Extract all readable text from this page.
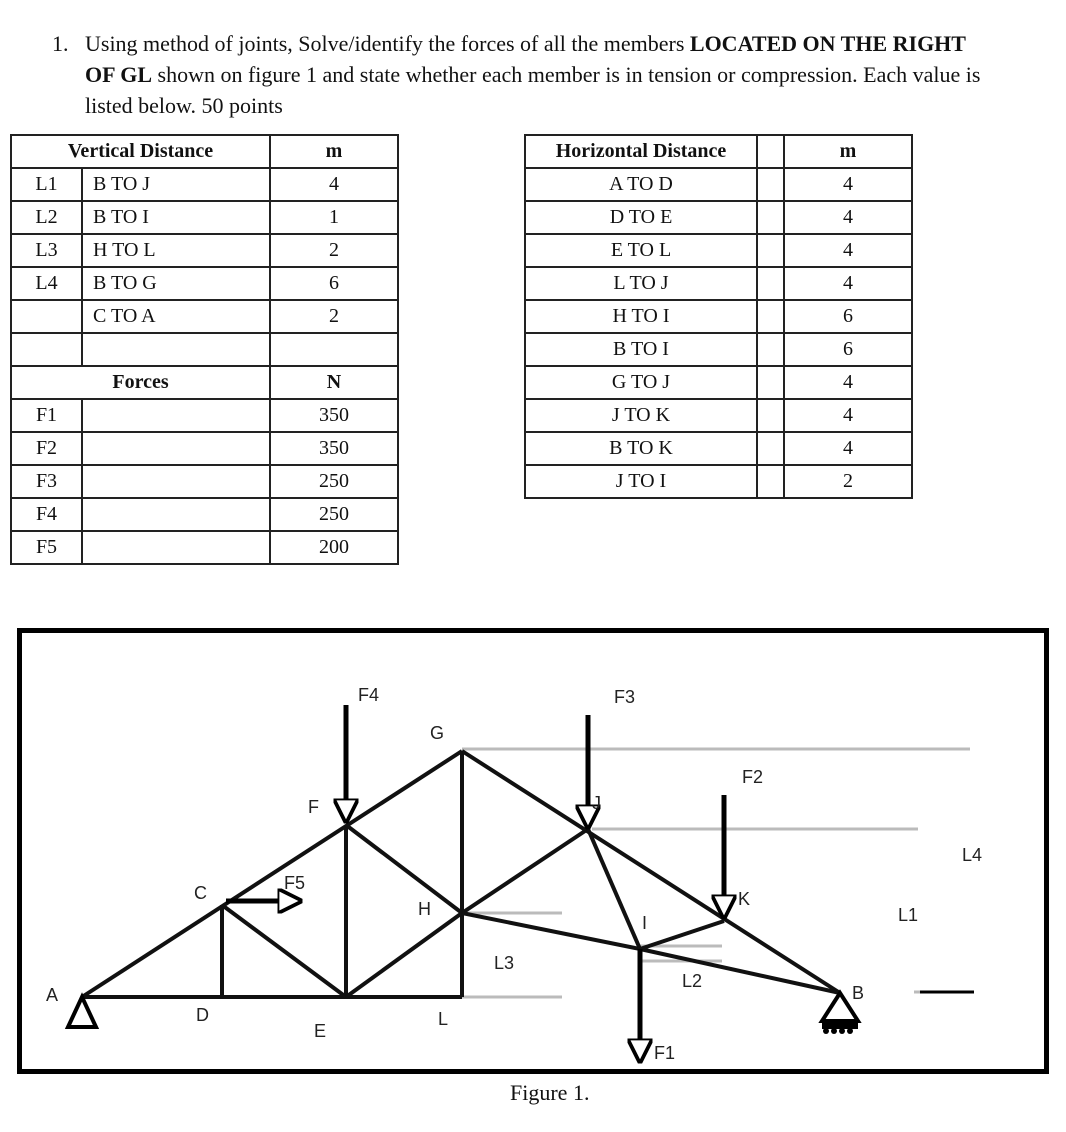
1. Using method of joints, Solve/identify the forces of all the members LOCATED ON THE RIGHT OF GL shown on figure 1 and state whether each member is in tension or compression. Each value is listed below. 50 points
Vertical Distance		m
L1	B TO J	4
L2	B TO I	1
L3	H TO L	2
L4	B TO G	6
	C TO A	2

Forces		N
F1		350
F2		350
F3		250
F4		250
F5		200
Horizontal Distance		m
A TO D		4
D TO E		4
E TO L		4
L TO J		4
H TO I		6
B TO I		6
G TO J		4
J TO K		4
B TO K		4
J TO I		2
A
C
D
E
F
G
H
I
J
K
L
B
F1
F2
F3
F4
F5
L1
L2
L3
L4
Figure 1.
